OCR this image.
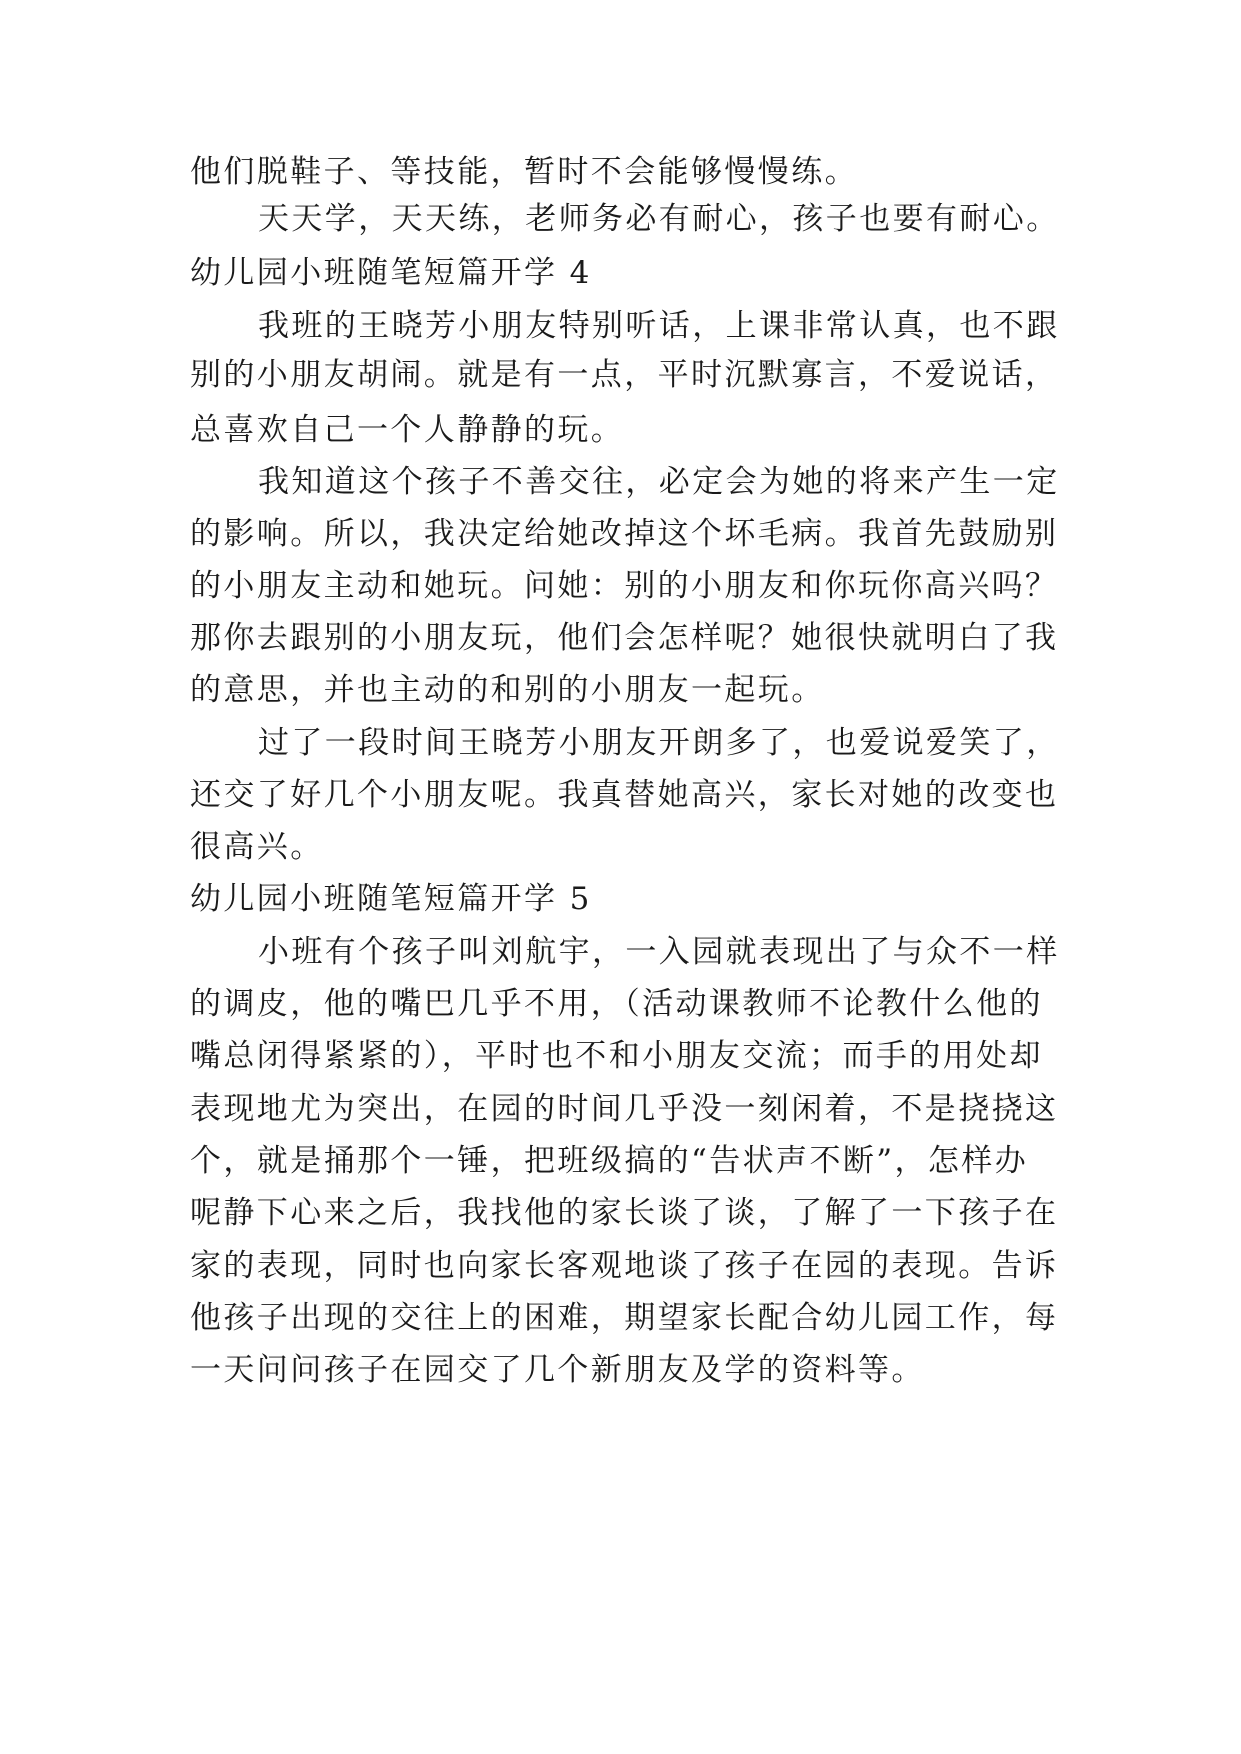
他们脱鞋子、等技能，暂时不会能够慢慢练。
天天学，天天练，老师务必有耐心，孩子也要有耐心。
幼儿园小班随笔短篇开学 4
我班的王晓芳小朋友特别听话，上课非常认真，也不跟
别的小朋友胡闹。就是有一点，平时沉默寡言，不爱说话，
总喜欢自己一个人静静的玩。
我知道这个孩子不善交往，必定会为她的将来产生一定
的影响。所以，我决定给她改掉这个坏毛病。我首先鼓励别
的小朋友主动和她玩。问她：别的小朋友和你玩你高兴吗？
那你去跟别的小朋友玩，他们会怎样呢？她很快就明白了我
的意思，并也主动的和别的小朋友一起玩。
过了一段时间王晓芳小朋友开朗多了，也爱说爱笑了，
还交了好几个小朋友呢。我真替她高兴，家长对她的改变也
很高兴。
幼儿园小班随笔短篇开学 5
小班有个孩子叫刘航宇，一入园就表现出了与众不一样
的调皮，他的嘴巴几乎不用，（活动课教师不论教什么他的
嘴总闭得紧紧的），平时也不和小朋友交流；而手的用处却
表现地尤为突出，在园的时间几乎没一刻闲着，不是挠挠这
个，就是捅那个一锤，把班级搞的“告状声不断”，怎样办
呢静下心来之后，我找他的家长谈了谈，了解了一下孩子在
家的表现，同时也向家长客观地谈了孩子在园的表现。告诉
他孩子出现的交往上的困难，期望家长配合幼儿园工作，每
一天问问孩子在园交了几个新朋友及学的资料等。
